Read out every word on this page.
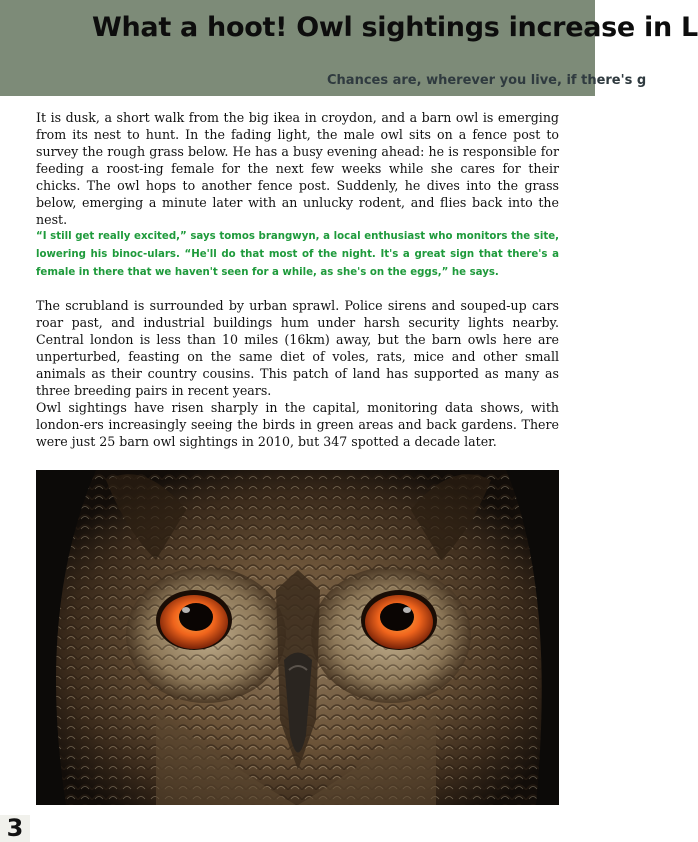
What a hoot! Owl sightings increase in L

Chances are, wherever you live, if there's g

It is dusk, a short walk from the big ikea in croydon, and a barn owl is emerging from its nest to hunt. In the fading light, the male owl sits on a fence post to survey the rough grass below. He has a busy evening ahead: he is responsible for feeding a roost-ing female for the next few weeks while she cares for their chicks. The owl hops to another fence post. Suddenly, he dives into the grass below, emerging a minute later with an unlucky rodent, and flies back into the nest.

“I still get really excited,” says tomos brangwyn, a local enthusiast who monitors the site, lowering his binoc-ulars. “He'll do that most of the night. It's a great sign that there's a female in there that we haven't seen for a while, as she's on the eggs,” he says.

The scrubland is surrounded by urban sprawl. Police sirens and souped-up cars roar past, and industrial buildings hum under harsh security lights nearby. Central london is less than 10 miles (16km) away, but the barn owls here are unperturbed, feasting on the same diet of voles, rats, mice and other small animals as their country cousins. This patch of land has supported as many as three breeding pairs in recent years.

Owl sightings have risen sharply in the capital, monitoring data shows, with london-ers increasingly seeing the birds in green areas and back gardens. There were just 25 barn owl sightings in 2010, but 347 spotted a decade later.

3
